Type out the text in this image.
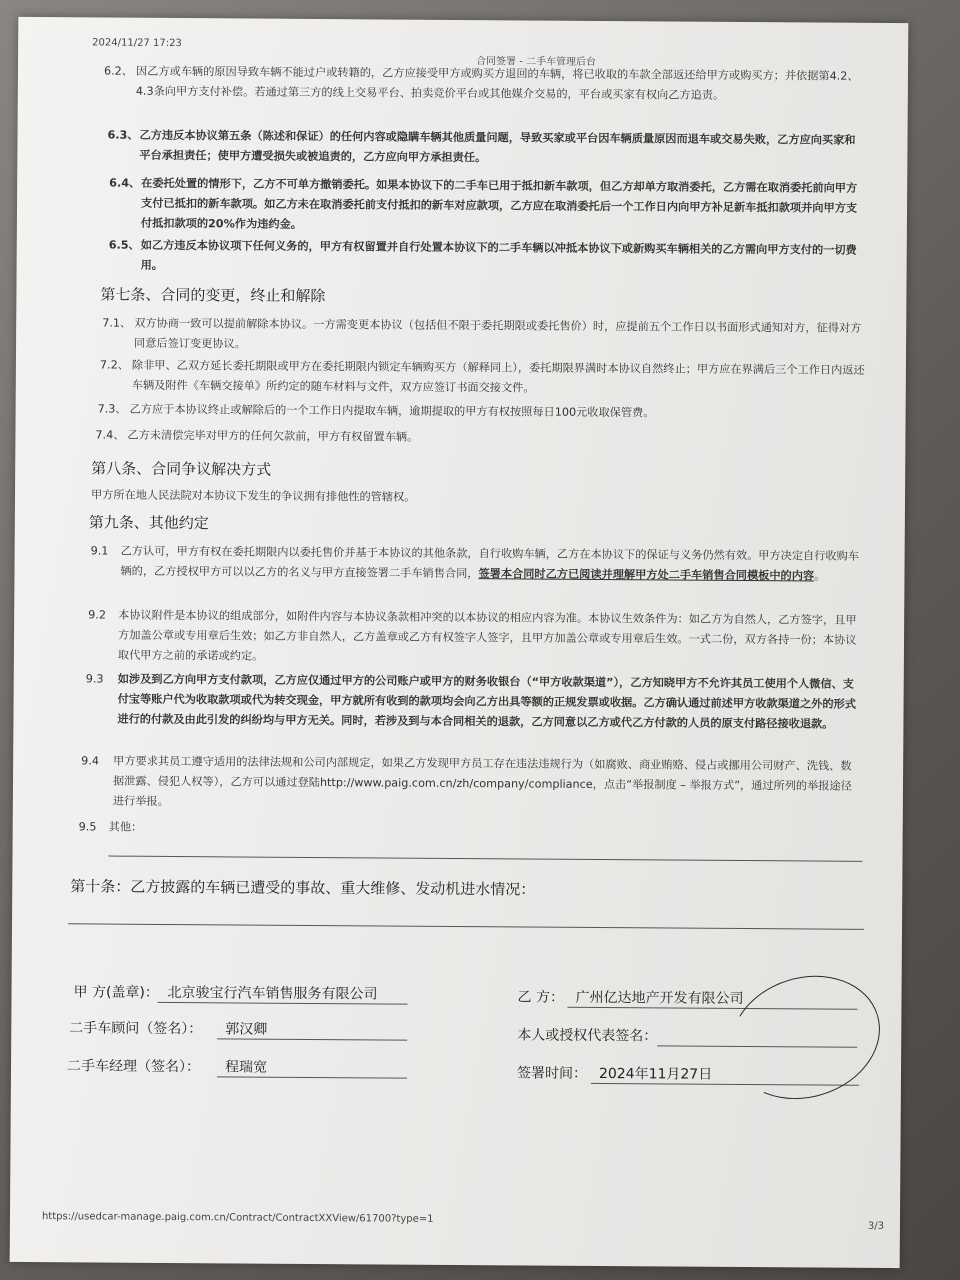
2024/11/27 17:23
合同签署 - 二手车管理后台
6.2、 因乙方或车辆的原因导致车辆不能过户或转籍的，乙方应接受甲方或购买方退回的车辆，将已收取的车款全部返还给甲方或购买方；并依据第4.2、4.3条向甲方支付补偿。若通过第三方的线上交易平台、拍卖竞价平台或其他媒介交易的，平台或买家有权向乙方追责。
6.3、 乙方违反本协议第五条（陈述和保证）的任何内容或隐瞒车辆其他质量问题，导致买家或平台因车辆质量原因而退车或交易失败，乙方应向买家和平台承担责任；使甲方遭受损失或被追责的，乙方应向甲方承担责任。
6.4、 在委托处置的情形下，乙方不可单方撤销委托。如果本协议下的二手车已用于抵扣新车款项，但乙方却单方取消委托，乙方需在取消委托前向甲方支付已抵扣的新车款项。如乙方未在取消委托前支付抵扣的新车对应款项，乙方应在取消委托后一个工作日内向甲方补足新车抵扣款项并向甲方支付抵扣款项的20%作为违约金。
6.5、 如乙方违反本协议项下任何义务的，甲方有权留置并自行处置本协议下的二手车辆以冲抵本协议下或新购买车辆相关的乙方需向甲方支付的一切费用。
第七条、合同的变更，终止和解除
7.1、 双方协商一致可以提前解除本协议。一方需变更本协议（包括但不限于委托期限或委托售价）时，应提前五个工作日以书面形式通知对方，征得对方同意后签订变更协议。
7.2、 除非甲、乙双方延长委托期限或甲方在委托期限内锁定车辆购买方（解释同上），委托期限界满时本协议自然终止；甲方应在界满后三个工作日内返还车辆及附件《车辆交接单》所约定的随车材料与文件，双方应签订书面交接文件。
7.3、 乙方应于本协议终止或解除后的一个工作日内提取车辆，逾期提取的甲方有权按照每日100元收取保管费。
7.4、 乙方未清偿完毕对甲方的任何欠款前，甲方有权留置车辆。
第八条、合同争议解决方式
甲方所在地人民法院对本协议下发生的争议拥有排他性的管辖权。
第九条、其他约定
9.1	乙方认可，甲方有权在委托期限内以委托售价并基于本协议的其他条款，自行收购车辆，乙方在本协议下的保证与义务仍然有效。甲方决定自行收购车辆的，乙方授权甲方可以以乙方的名义与甲方直接签署二手车销售合同，签署本合同时乙方已阅读并理解甲方处二手车销售合同模板中的内容。
9.2	本协议附件是本协议的组成部分，如附件内容与本协议条款相冲突的以本协议的相应内容为准。本协议生效条件为：如乙方为自然人，乙方签字，且甲方加盖公章或专用章后生效；如乙方非自然人，乙方盖章或乙方有权签字人签字，且甲方加盖公章或专用章后生效。一式二份，双方各持一份；本协议取代甲方之前的承诺或约定。
9.3	如涉及到乙方向甲方支付款项，乙方应仅通过甲方的公司账户或甲方的财务收银台（“甲方收款渠道”），乙方知晓甲方不允许其员工使用个人微信、支付宝等账户代为收取款项或代为转交现金，甲方就所有收到的款项均会向乙方出具等额的正规发票或收据。乙方确认通过前述甲方收款渠道之外的形式进行的付款及由此引发的纠纷均与甲方无关。同时，若涉及到与本合同相关的退款，乙方同意以乙方或代乙方付款的人员的原支付路径接收退款。
9.4	甲方要求其员工遵守适用的法律法规和公司内部规定，如果乙方发现甲方员工存在违法违规行为（如腐败、商业贿赂、侵占或挪用公司财产、洗钱、数据泄露、侵犯人权等），乙方可以通过登陆http://www.paig.com.cn/zh/company/compliance，点击“举报制度 – 举报方式”，通过所列的举报途径进行举报。
9.5	其他：
第十条：乙方披露的车辆已遭受的事故、重大维修、发动机进水情况：
甲 方(盖章)： 北京骏宝行汽车销售服务有限公司
二手车顾问（签名）： 郭汉卿
二手车经理（签名）： 程瑞宽
乙 方： 广州亿达地产开发有限公司
本人或授权代表签名：
签署时间： 2024年11月27日
https://usedcar-manage.paig.com.cn/Contract/ContractXXView/61700?type=1
3/3
